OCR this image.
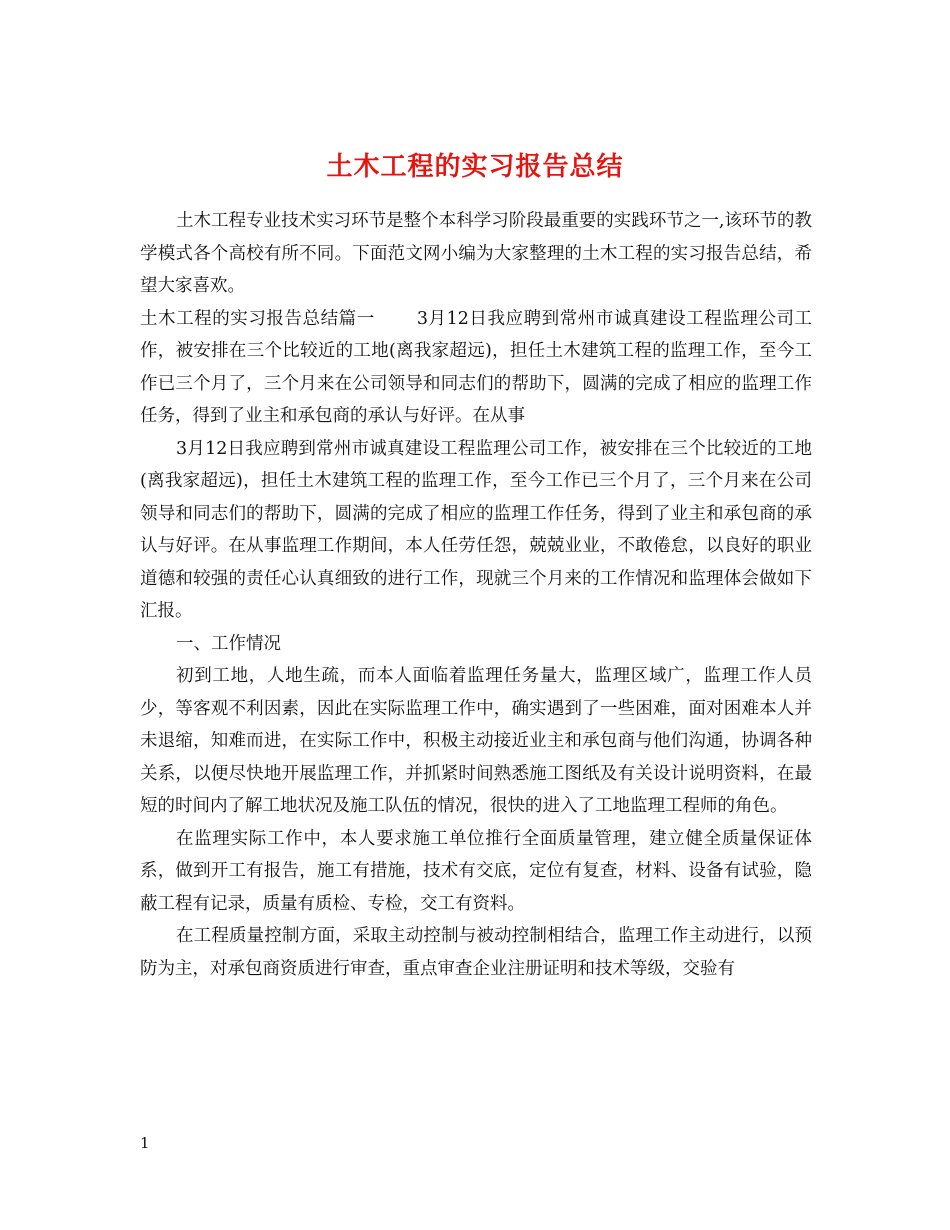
土木工程的实习报告总结

土木工程专业技术实习环节是整个本科学习阶段最重要的实践环节之一,该环节的教学模式各个高校有所不同。下面范文网小编为大家整理的土木工程的实习报告总结，希望大家喜欢。

土木工程的实习报告总结篇一 3月12日我应聘到常州市诚真建设工程监理公司工作，被安排在三个比较近的工地(离我家超远)，担任土木建筑工程的监理工作，至今工作已三个月了，三个月来在公司领导和同志们的帮助下，圆满的完成了相应的监理工作任务，得到了业主和承包商的承认与好评。在从事

3月12日我应聘到常州市诚真建设工程监理公司工作，被安排在三个比较近的工地(离我家超远)，担任土木建筑工程的监理工作，至今工作已三个月了，三个月来在公司领导和同志们的帮助下，圆满的完成了相应的监理工作任务，得到了业主和承包商的承认与好评。在从事监理工作期间，本人任劳任怨，兢兢业业，不敢倦怠，以良好的职业道德和较强的责任心认真细致的进行工作，现就三个月来的工作情况和监理体会做如下汇报。

一、工作情况

初到工地，人地生疏，而本人面临着监理任务量大，监理区域广，监理工作人员少，等客观不利因素，因此在实际监理工作中，确实遇到了一些困难，面对困难本人并未退缩，知难而进，在实际工作中，积极主动接近业主和承包商与他们沟通，协调各种关系，以便尽快地开展监理工作，并抓紧时间熟悉施工图纸及有关设计说明资料，在最短的时间内了解工地状况及施工队伍的情况，很快的进入了工地监理工程师的角色。

在监理实际工作中，本人要求施工单位推行全面质量管理，建立健全质量保证体系，做到开工有报告，施工有措施，技术有交底，定位有复查，材料、设备有试验，隐蔽工程有记录，质量有质检、专检，交工有资料。

在工程质量控制方面，采取主动控制与被动控制相结合，监理工作主动进行，以预防为主，对承包商资质进行审查，重点审查企业注册证明和技术等级，交验有

1
